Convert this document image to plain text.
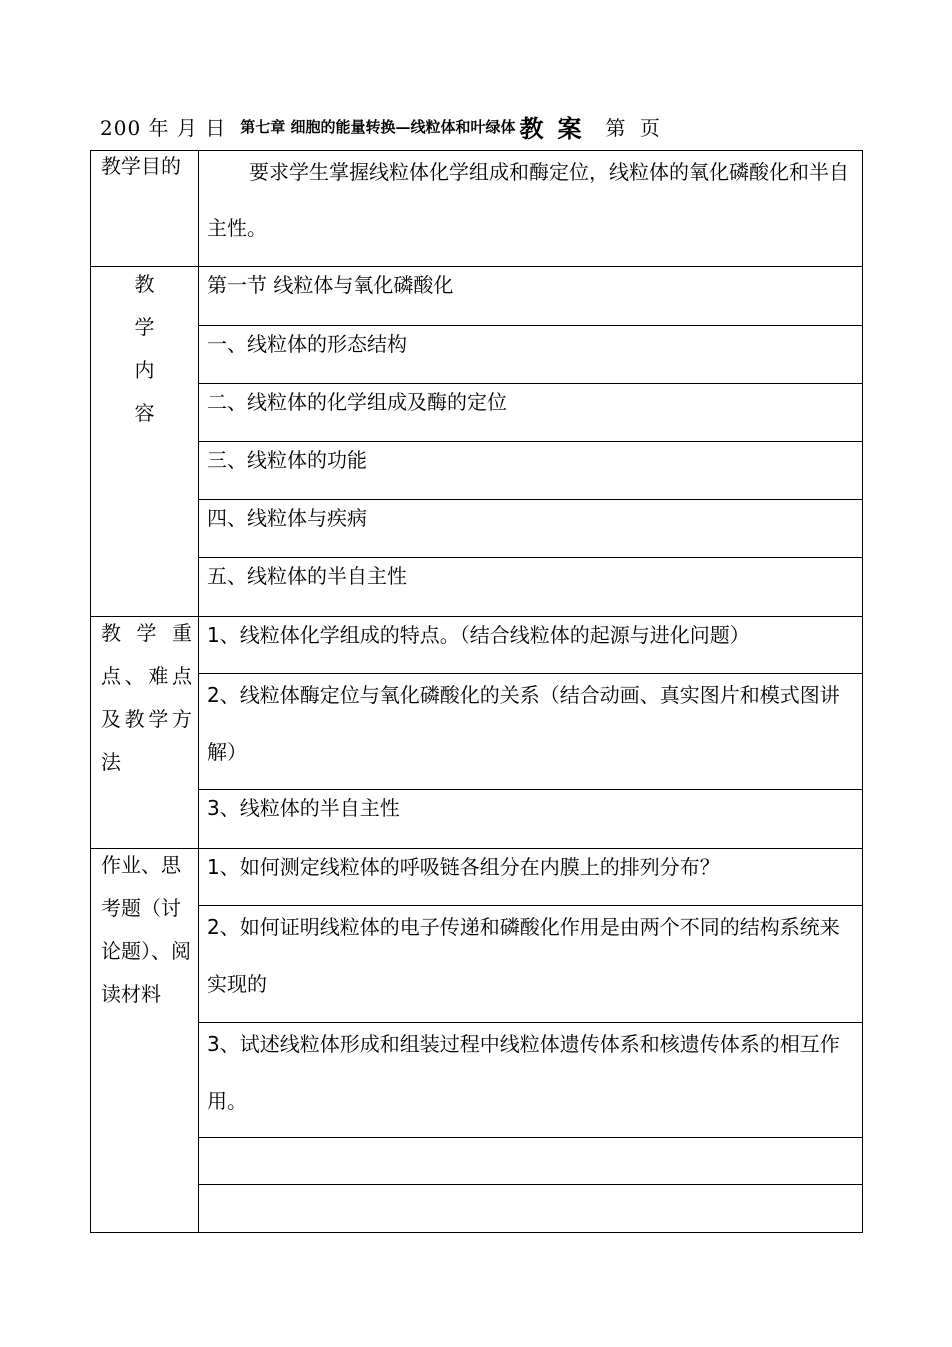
200 年 月 日 第七章 细胞的能量转换—线粒体和叶绿体 教案 第 页
教学目的	要求学生掌握线粒体化学组成和酶定位，线粒体的氧化磷酸化和半自主性。

教
学
内
容	第一节 线粒体与氧化磷酸化

	一、线粒体的形态结构

	二、线粒体的化学组成及酶的定位

	三、线粒体的功能

	四、线粒体与疾病

	五、线粒体的半自主性

教 学 重 点、难点及教学方法	1、线粒体化学组成的特点。（结合线粒体的起源与进化问题）

	2、线粒体酶定位与氧化磷酸化的关系（结合动画、真实图片和模式图讲解）

	3、线粒体的半自主性

作业、思考题（讨论题）、阅读材料	1、如何测定线粒体的呼吸链各组分在内膜上的排列分布？

	2、如何证明线粒体的电子传递和磷酸化作用是由两个不同的结构系统来实现的

	3、试述线粒体形成和组装过程中线粒体遗传体系和核遗传体系的相互作用。
